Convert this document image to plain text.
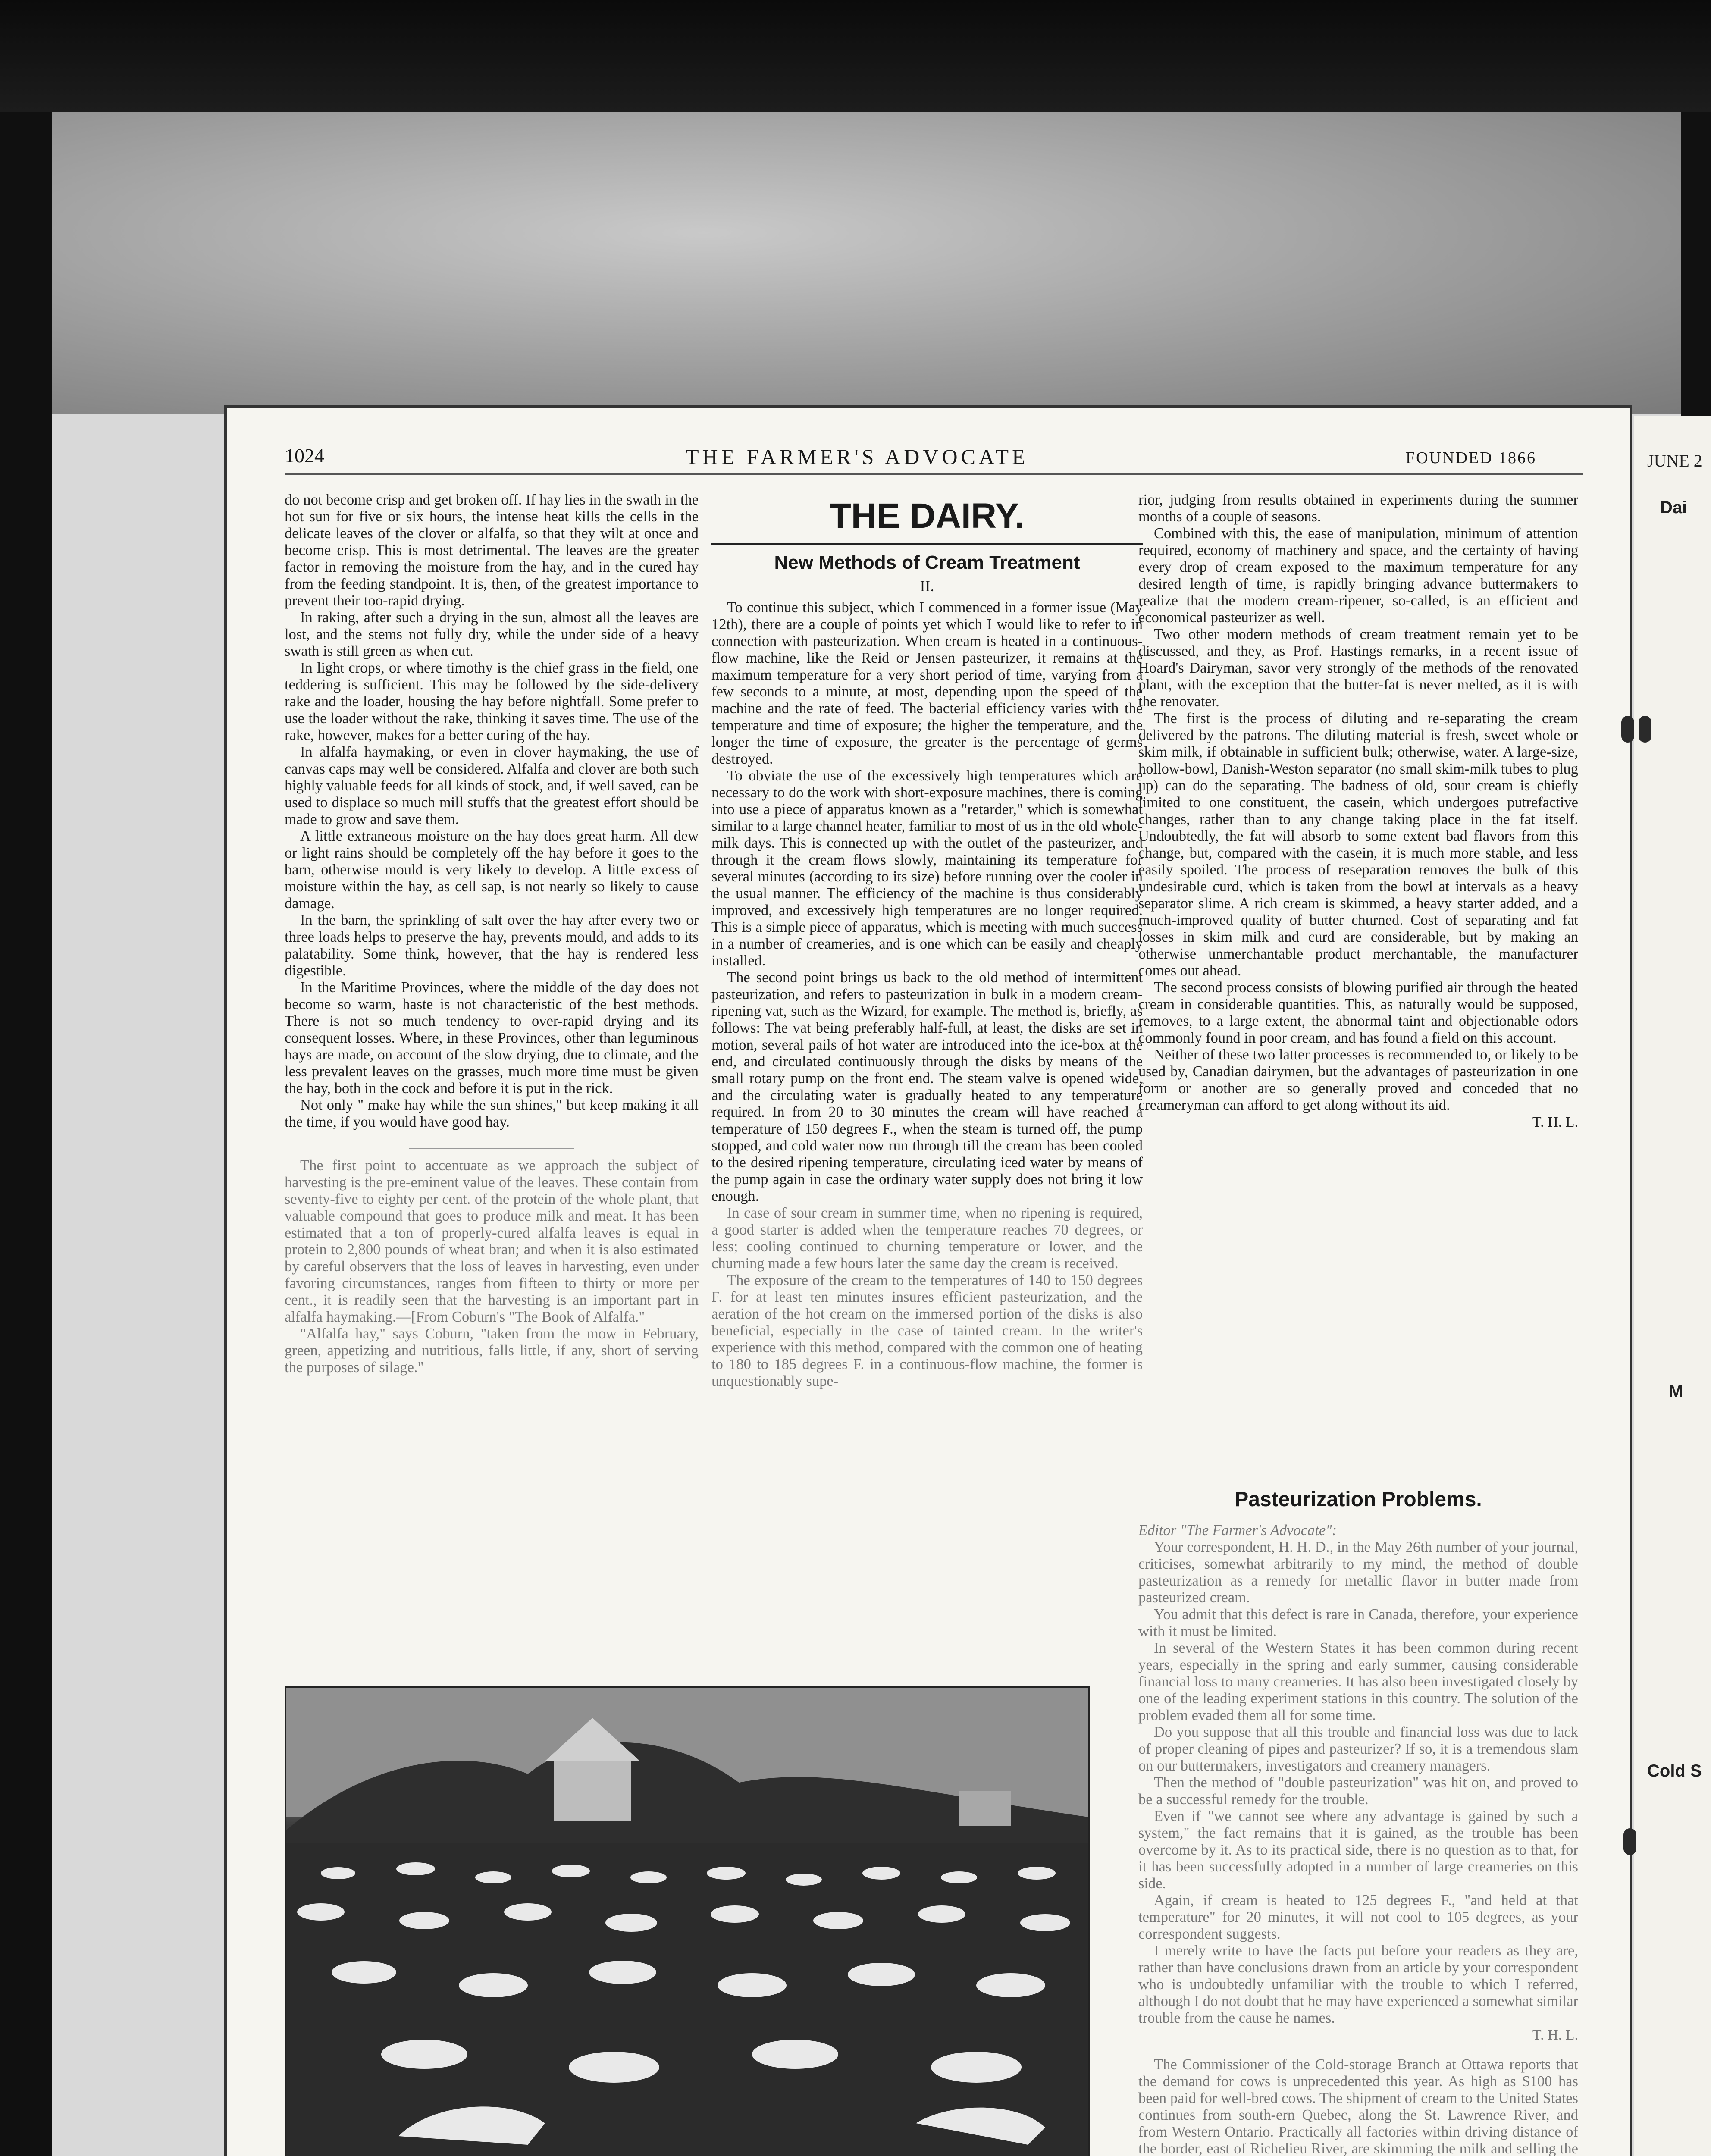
JUNE 2
Dai
M
Cold S
1024	THE FARMER'S ADVOCATE	FOUNDED 1866

do not become crisp and get broken off. If hay lies in the swath in the hot sun for five or six hours, the intense heat kills the cells in the delicate leaves of the clover or alfalfa, so that they wilt at once and become crisp. This is most detrimental. The leaves are the greater factor in removing the moisture from the hay, and in the cured hay from the feeding standpoint. It is, then, of the greatest importance to prevent their too-rapid drying.

In raking, after such a drying in the sun, almost all the leaves are lost, and the stems not fully dry, while the under side of a heavy swath is still green as when cut.

In light crops, or where timothy is the chief grass in the field, one teddering is sufficient. This may be followed by the side-delivery rake and the loader, housing the hay before nightfall. Some prefer to use the loader without the rake, thinking it saves time. The use of the rake, however, makes for a better curing of the hay.

In alfalfa haymaking, or even in clover haymaking, the use of canvas caps may well be considered. Alfalfa and clover are both such highly valuable feeds for all kinds of stock, and, if well saved, can be used to displace so much mill stuffs that the greatest effort should be made to grow and save them.

A little extraneous moisture on the hay does great harm. All dew or light rains should be completely off the hay before it goes to the barn, otherwise mould is very likely to develop. A little excess of moisture within the hay, as cell sap, is not nearly so likely to cause damage.

In the barn, the sprinkling of salt over the hay after every two or three loads helps to preserve the hay, prevents mould, and adds to its palatability. Some think, however, that the hay is rendered less digestible.

In the Maritime Provinces, where the middle of the day does not become so warm, haste is not characteristic of the best methods. There is not so much tendency to over-rapid drying and its consequent losses. Where, in these Provinces, other than leguminous hays are made, on account of the slow drying, due to climate, and the less prevalent leaves on the grasses, much more time must be given the hay, both in the cock and before it is put in the rick.

Not only " make hay while the sun shines," but keep making it all the time, if you would have good hay.

The first point to accentuate as we approach the subject of harvesting is the pre-eminent value of the leaves. These contain from seventy-five to eighty per cent. of the protein of the whole plant, that valuable compound that goes to produce milk and meat. It has been estimated that a ton of properly-cured alfalfa leaves is equal in protein to 2,800 pounds of wheat bran; and when it is also estimated by careful observers that the loss of leaves in harvesting, even under favoring circumstances, ranges from fifteen to thirty or more per cent., it is readily seen that the harvesting is an important part in alfalfa haymaking.—[From Coburn's "The Book of Alfalfa."

"Alfalfa hay," says Coburn, "taken from the mow in February, green, appetizing and nutritious, falls little, if any, short of serving the purposes of silage."

THE DAIRY.
New Methods of Cream Treatment
II.

To continue this subject, which I commenced in a former issue (May 12th), there are a couple of points yet which I would like to refer to in connection with pasteurization. When cream is heated in a continuous-flow machine, like the Reid or Jensen pasteurizer, it remains at the maximum temperature for a very short period of time, varying from a few seconds to a minute, at most, depending upon the speed of the machine and the rate of feed. The bacterial efficiency varies with the temperature and time of exposure; the higher the temperature, and the longer the time of exposure, the greater is the percentage of germs destroyed.

To obviate the use of the excessively high temperatures which are necessary to do the work with short-exposure machines, there is coming into use a piece of apparatus known as a "retarder," which is somewhat similar to a large channel heater, familiar to most of us in the old whole-milk days. This is connected up with the outlet of the pasteurizer, and through it the cream flows slowly, maintaining its temperature for several minutes (according to its size) before running over the cooler in the usual manner. The efficiency of the machine is thus considerably improved, and excessively high temperatures are no longer required. This is a simple piece of apparatus, which is meeting with much success in a number of creameries, and is one which can be easily and cheaply installed.

The second point brings us back to the old method of intermittent pasteurization, and refers to pasteurization in bulk in a modern cream-ripening vat, such as the Wizard, for example. The method is, briefly, as follows: The vat being preferably half-full, at least, the disks are set in motion, several pails of hot water are introduced into the ice-box at the end, and circulated continuously through the disks by means of the small rotary pump on the front end. The steam valve is opened wide, and the circulating water is gradually heated to any temperature required. In from 20 to 30 minutes the cream will have reached a temperature of 150 degrees F., when the steam is turned off, the pump stopped, and cold water now run through till the cream has been cooled to the desired ripening temperature, circulating iced water by means of the pump again in case the ordinary water supply does not bring it low enough.

In case of sour cream in summer time, when no ripening is required, a good starter is added when the temperature reaches 70 degrees, or less; cooling continued to churning temperature or lower, and the churning made a few hours later the same day the cream is received.

The exposure of the cream to the temperatures of 140 to 150 degrees F. for at least ten minutes insures efficient pasteurization, and the aeration of the hot cream on the immersed portion of the disks is also beneficial, especially in the case of tainted cream. In the writer's experience with this method, compared with the common one of heating to 180 to 185 degrees F. in a continuous-flow machine, the former is unquestionably supe-

rior, judging from results obtained in experiments during the summer months of a couple of seasons.

Combined with this, the ease of manipulation, minimum of attention required, economy of machinery and space, and the certainty of having every drop of cream exposed to the maximum temperature for any desired length of time, is rapidly bringing advance buttermakers to realize that the modern cream-ripener, so-called, is an efficient and economical pasteurizer as well.

Two other modern methods of cream treatment remain yet to be discussed, and they, as Prof. Hastings remarks, in a recent issue of Hoard's Dairyman, savor very strongly of the methods of the renovated plant, with the exception that the butter-fat is never melted, as it is with the renovater.

The first is the process of diluting and re-separating the cream delivered by the patrons. The diluting material is fresh, sweet whole or skim milk, if obtainable in sufficient bulk; otherwise, water. A large-size, hollow-bowl, Danish-Weston separator (no small skim-milk tubes to plug up) can do the separating. The badness of old, sour cream is chiefly limited to one constituent, the casein, which undergoes putrefactive changes, rather than to any change taking place in the fat itself. Undoubtedly, the fat will absorb to some extent bad flavors from this change, but, compared with the casein, it is much more stable, and less easily spoiled. The process of reseparation removes the bulk of this undesirable curd, which is taken from the bowl at intervals as a heavy separator slime. A rich cream is skimmed, a heavy starter added, and a much-improved quality of butter churned. Cost of separating and fat losses in skim milk and curd are considerable, but by making an otherwise unmerchantable product merchantable, the manufacturer comes out ahead.

The second process consists of blowing purified air through the heated cream in considerable quantities. This, as naturally would be supposed, removes, to a large extent, the abnormal taint and objectionable odors commonly found in poor cream, and has found a field on this account.

Neither of these two latter processes is recommended to, or likely to be used by, Canadian dairymen, but the advantages of pasteurization in one form or another are so generally proved and conceded that no creameryman can afford to get along without its aid.

T. H. L.
Pasteurization Problems.

Editor "The Farmer's Advocate":

Your correspondent, H. H. D., in the May 26th number of your journal, criticises, somewhat arbitrarily to my mind, the method of double pasteurization as a remedy for metallic flavor in butter made from pasteurized cream.

You admit that this defect is rare in Canada, therefore, your experience with it must be limited.

In several of the Western States it has been common during recent years, especially in the spring and early summer, causing considerable financial loss to many creameries. It has also been investigated closely by one of the leading experiment stations in this country. The solution of the problem evaded them all for some time.

Do you suppose that all this trouble and financial loss was due to lack of proper cleaning of pipes and pasteurizer? If so, it is a tremendous slam on our buttermakers, investigators and creamery managers.

Then the method of "double pasteurization" was hit on, and proved to be a successful remedy for the trouble.

Even if "we cannot see where any advantage is gained by such a system," the fact remains that it is gained, as the trouble has been overcome by it. As to its practical side, there is no question as to that, for it has been successfully adopted in a number of large creameries on this side.

Again, if cream is heated to 125 degrees F., "and held at that temperature" for 20 minutes, it will not cool to 105 degrees, as your correspondent suggests.

I merely write to have the facts put before your readers as they are, rather than have conclusions drawn from an article by your correspondent who is undoubtedly unfamiliar with the trouble to which I referred, although I do not doubt that he may have experienced a somewhat similar trouble from the cause he names.

T. H. L.

The Commissioner of the Cold-storage Branch at Ottawa reports that the demand for cows is unprecedented this year. As high as $100 has been paid for well-bred cows. The shipment of cream to the United States continues from south-ern Quebec, along the St. Lawrence River, and from Western Ontario. Practically all factories within driving distance of the border, east of Richelieu River, are skimming the milk and selling the
